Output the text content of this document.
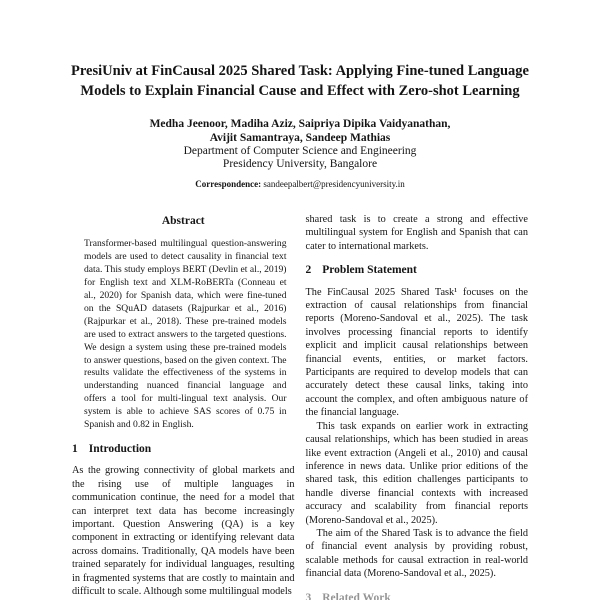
PresiUniv at FinCausal 2025 Shared Task: Applying Fine-tuned Language
Models to Explain Financial Cause and Effect with Zero-shot Learning
Medha Jeenoor, Madiha Aziz, Saipriya Dipika Vaidyanathan,
Avijit Samantraya, Sandeep Mathias
Department of Computer Science and Engineering
Presidency University, Bangalore
Correspondence: sandeepalbert@presidencyuniversity.in
Abstract

Transformer-based multilingual question-answering models are used to detect causality in financial text data. This study employs BERT (Devlin et al., 2019) for English text and XLM-RoBERTa (Conneau et al., 2020) for Spanish data, which were fine-tuned on the SQuAD datasets (Rajpurkar et al., 2016) (Rajpurkar et al., 2018). These pre-trained models are used to extract answers to the targeted questions. We design a system using these pre-trained models to answer questions, based on the given context. The results validate the effectiveness of the systems in understanding nuanced financial language and offers a tool for multi-lingual text analysis. Our system is able to achieve SAS scores of 0.75 in Spanish and 0.82 in English.

1 Introduction

As the growing connectivity of global markets and the rising use of multiple languages in communication continue, the need for a model that can interpret text data has become increasingly important. Question Answering (QA) is a key component in extracting or identifying relevant data across domains. Traditionally, QA models have been trained separately for individual languages, resulting in fragmented systems that are costly to maintain and difficult to scale. Although some multilingual models

shared task is to create a strong and effective multilingual system for English and Spanish that can cater to international markets.

2 Problem Statement

The FinCausal 2025 Shared Task¹ focuses on the extraction of causal relationships from financial reports (Moreno-Sandoval et al., 2025). The task involves processing financial reports to identify explicit and implicit causal relationships between financial events, entities, or market factors. Participants are required to develop models that can accurately detect these causal links, taking into account the complex, and often ambiguous nature of the financial language.

This task expands on earlier work in extracting causal relationships, which has been studied in areas like event extraction (Angeli et al., 2010) and causal inference in news data. Unlike prior editions of the shared task, this edition challenges participants to handle diverse financial contexts with increased accuracy and scalability from financial reports (Moreno-Sandoval et al., 2025).

The aim of the Shared Task is to advance the field of financial event analysis by providing robust, scalable methods for causal extraction in real-world financial data (Moreno-Sandoval et al., 2025).

3 Related Work
